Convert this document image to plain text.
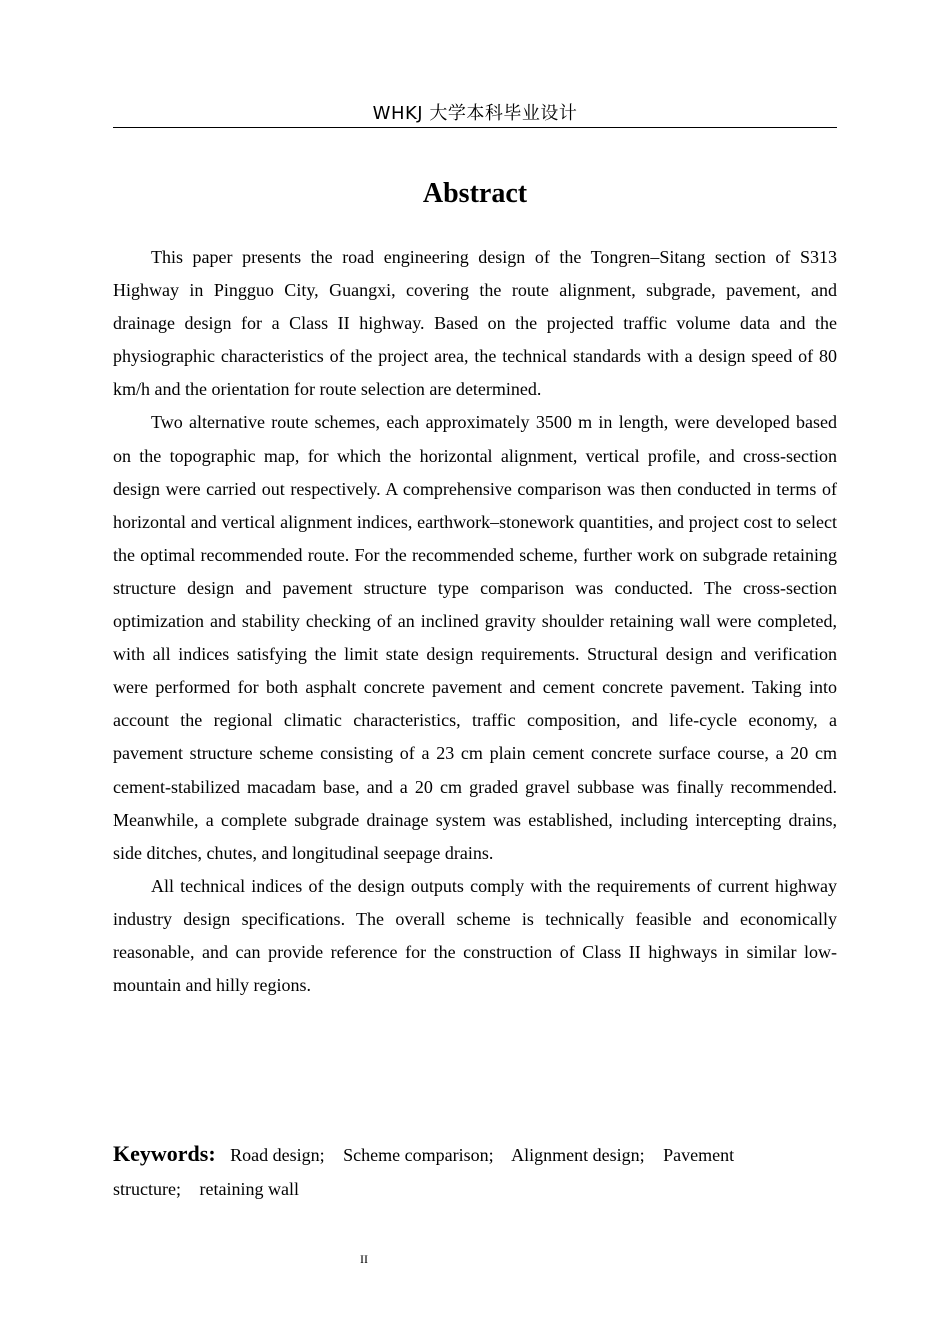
WHKJ 大学本科毕业设计
Abstract

This paper presents the road engineering design of the Tongren–Sitang section of S313 Highway in Pingguo City, Guangxi, covering the route alignment, subgrade, pavement, and drainage design for a Class II highway. Based on the projected traffic volume data and the physiographic characteristics of the project area, the technical standards with a design speed of 80 km/h and the orientation for route selection are determined.

Two alternative route schemes, each approximately 3500 m in length, were developed based on the topographic map, for which the horizontal alignment, vertical profile, and cross-section design were carried out respectively. A comprehensive comparison was then conducted in terms of horizontal and vertical alignment indices, earthwork–stonework quantities, and project cost to select the optimal recommended route. For the recommended scheme, further work on subgrade retaining structure design and pavement structure type comparison was conducted. The cross-section optimization and stability checking of an inclined gravity shoulder retaining wall were completed, with all indices satisfying the limit state design requirements. Structural design and verification were performed for both asphalt concrete pavement and cement concrete pavement. Taking into account the regional climatic characteristics, traffic composition, and life-cycle economy, a pavement structure scheme consisting of a 23 cm plain cement concrete surface course, a 20 cm cement-stabilized macadam base, and a 20 cm graded gravel subbase was finally recommended. Meanwhile, a complete subgrade drainage system was established, including intercepting drains, side ditches, chutes, and longitudinal seepage drains.

All technical indices of the design outputs comply with the requirements of current highway industry design specifications. The overall scheme is technically feasible and economically reasonable, and can provide reference for the construction of Class II highways in similar low-mountain and hilly regions.

Keywords: Road design; Scheme comparison; Alignment design; Pavement structure; retaining wall

II
